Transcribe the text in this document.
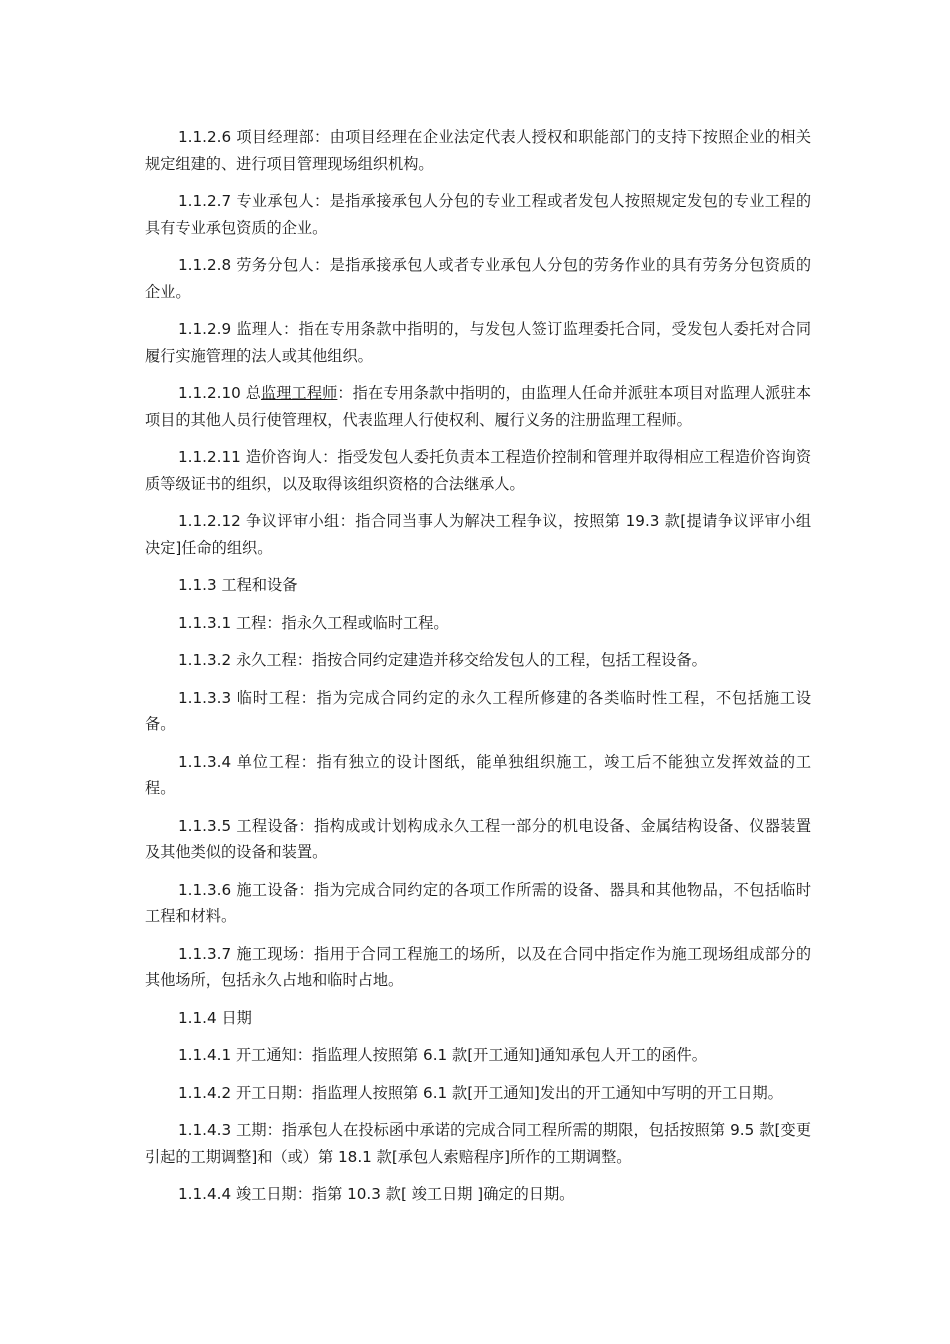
1.1.2.6 项目经理部：由项目经理在企业法定代表人授权和职能部门的支持下按照企业的相关规定组建的、进行项目管理现场组织机构。

1.1.2.7 专业承包人：是指承接承包人分包的专业工程或者发包人按照规定发包的专业工程的具有专业承包资质的企业。

1.1.2.8 劳务分包人：是指承接承包人或者专业承包人分包的劳务作业的具有劳务分包资质的企业。

1.1.2.9 监理人：指在专用条款中指明的，与发包人签订监理委托合同，受发包人委托对合同履行实施管理的法人或其他组织。

1.1.2.10 总监理工程师：指在专用条款中指明的，由监理人任命并派驻本项目对监理人派驻本项目的其他人员行使管理权，代表监理人行使权利、履行义务的注册监理工程师。

1.1.2.11 造价咨询人：指受发包人委托负责本工程造价控制和管理并取得相应工程造价咨询资质等级证书的组织，以及取得该组织资格的合法继承人。

1.1.2.12 争议评审小组：指合同当事人为解决工程争议，按照第 19.3 款[提请争议评审小组决定]任命的组织。

1.1.3 工程和设备

1.1.3.1 工程：指永久工程或临时工程。

1.1.3.2 永久工程：指按合同约定建造并移交给发包人的工程，包括工程设备。

1.1.3.3 临时工程：指为完成合同约定的永久工程所修建的各类临时性工程，不包括施工设备。

1.1.3.4 单位工程：指有独立的设计图纸，能单独组织施工，竣工后不能独立发挥效益的工程。

1.1.3.5 工程设备：指构成或计划构成永久工程一部分的机电设备、金属结构设备、仪器装置及其他类似的设备和装置。

1.1.3.6 施工设备：指为完成合同约定的各项工作所需的设备、器具和其他物品，不包括临时工程和材料。

1.1.3.7 施工现场：指用于合同工程施工的场所，以及在合同中指定作为施工现场组成部分的其他场所，包括永久占地和临时占地。

1.1.4 日期

1.1.4.1 开工通知：指监理人按照第 6.1 款[开工通知]通知承包人开工的函件。

1.1.4.2 开工日期：指监理人按照第 6.1 款[开工通知]发出的开工通知中写明的开工日期。

1.1.4.3 工期：指承包人在投标函中承诺的完成合同工程所需的期限，包括按照第 9.5 款[变更引起的工期调整]和（或）第 18.1 款[承包人索赔程序]所作的工期调整。

1.1.4.4 竣工日期：指第 10.3 款[ 竣工日期 ]确定的日期。
